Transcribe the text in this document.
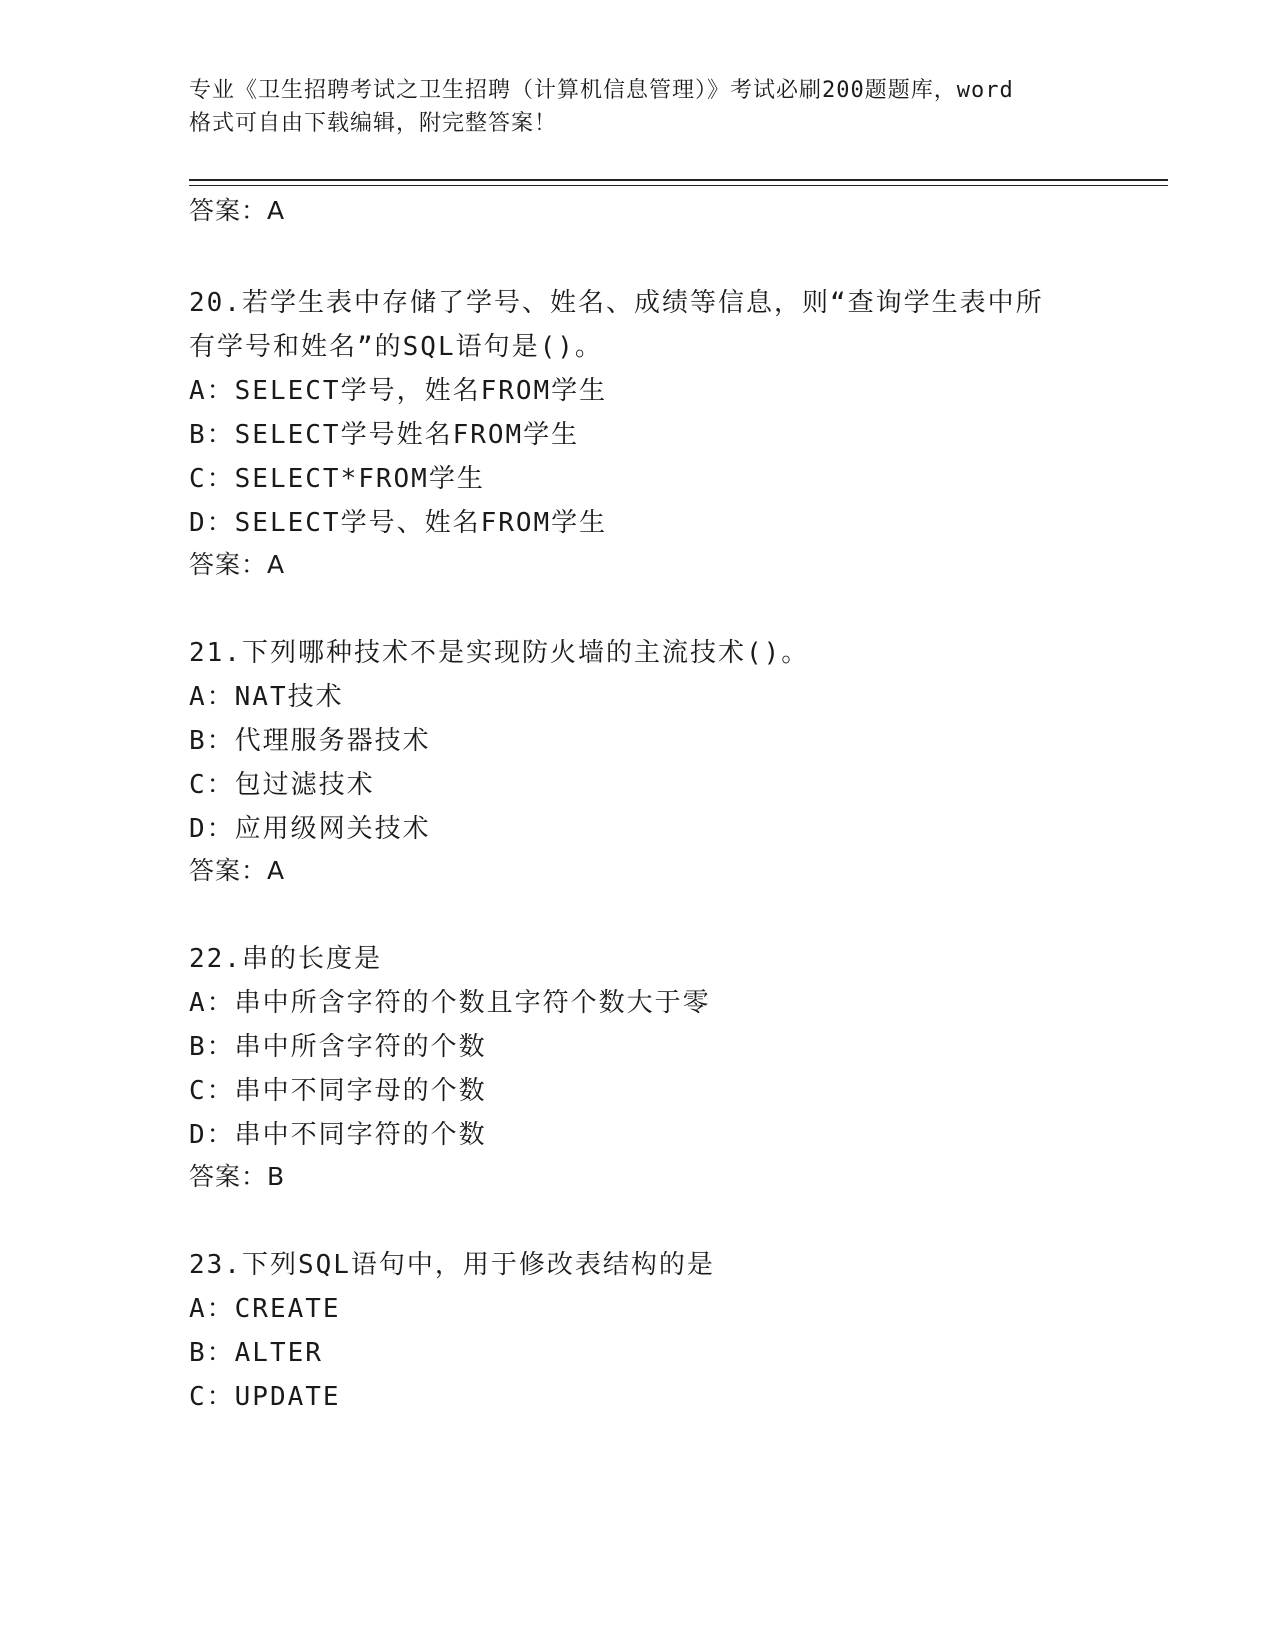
专业《卫生招聘考试之卫生招聘（计算机信息管理）》考试必刷200题题库，word
格式可自由下载编辑，附完整答案！
答案：A
20.若学生表中存储了学号、姓名、成绩等信息，则“查询学生表中所
有学号和姓名”的SQL语句是()。
A：SELECT学号，姓名FROM学生
B：SELECT学号姓名FROM学生
C：SELECT*FROM学生
D：SELECT学号、姓名FROM学生
答案：A
21.下列哪种技术不是实现防火墙的主流技术()。
A：NAT技术
B：代理服务器技术
C：包过滤技术
D：应用级网关技术
答案：A
22.串的长度是
A：串中所含字符的个数且字符个数大于零
B：串中所含字符的个数
C：串中不同字母的个数
D：串中不同字符的个数
答案：B
23.下列SQL语句中，用于修改表结构的是
A：CREATE
B：ALTER
C：UPDATE
